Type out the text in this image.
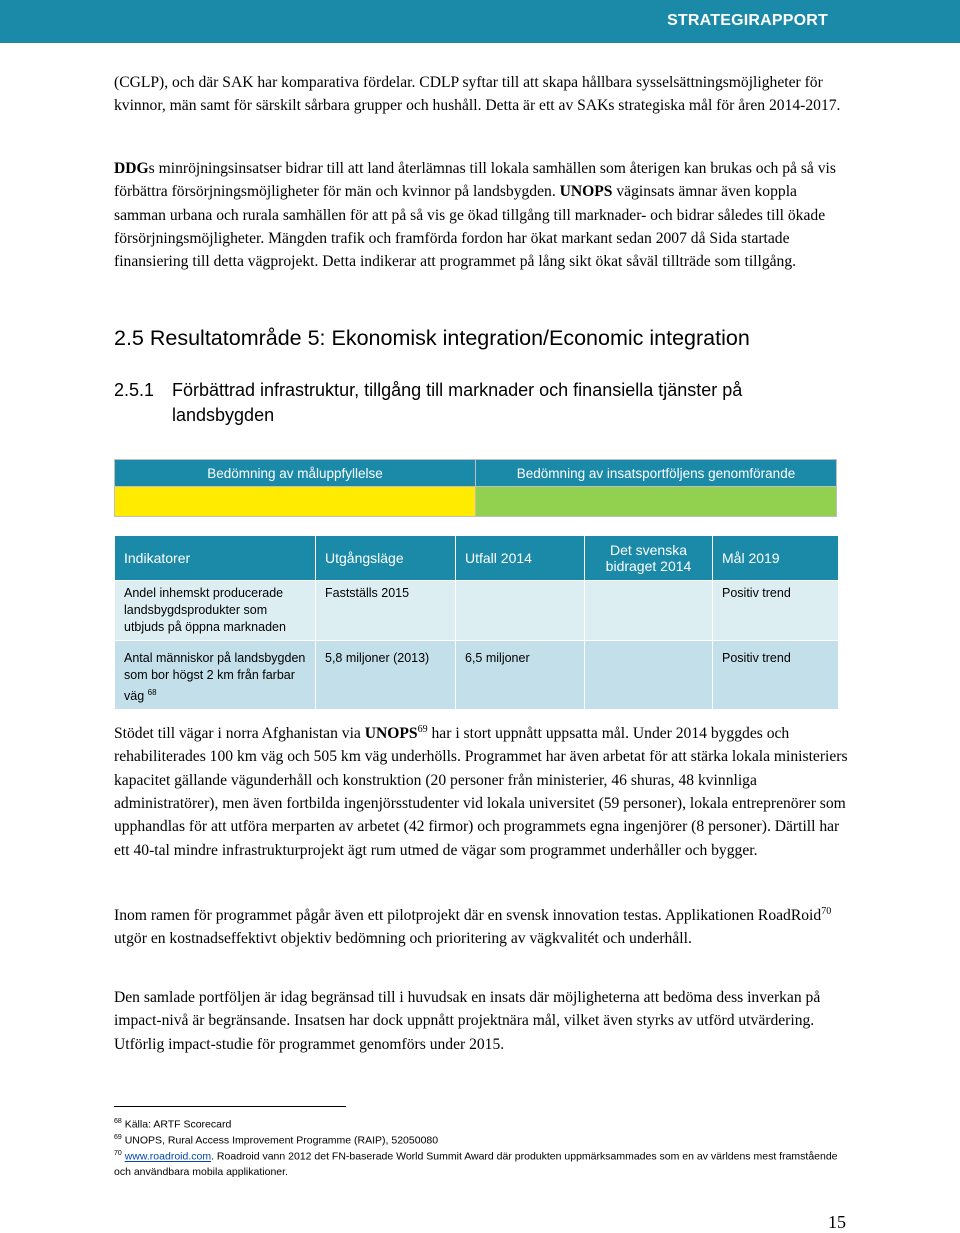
STRATEGIRAPPORT

(CGLP), och där SAK har komparativa fördelar. CDLP syftar till att skapa hållbara sysselsättningsmöjligheter för kvinnor, män samt för särskilt sårbara grupper och hushåll. Detta är ett av SAKs strategiska mål för åren 2014-2017.

DDGs minröjningsinsatser bidrar till att land återlämnas till lokala samhällen som återigen kan brukas och på så vis förbättra försörjningsmöjligheter för män och kvinnor på landsbygden. UNOPS väginsats ämnar även koppla samman urbana och rurala samhällen för att på så vis ge ökad tillgång till marknader- och bidrar således till ökade försörjningsmöjligheter. Mängden trafik och framförda fordon har ökat markant sedan 2007 då Sida startade finansiering till detta vägprojekt. Detta indikerar att programmet på lång sikt ökat såväl tillträde som tillgång.

2.5 Resultatområde 5: Ekonomisk integration/Economic integration
2.5.1 Förbättrad infrastruktur, tillgång till marknader och finansiella tjänster på landsbygden
Bedömning av måluppfyllelse	Bedömning av insatsportföljens genomförande

Indikatorer	Utgångsläge	Utfall 2014	Det svenska bidraget 2014	Mål 2019
Andel inhemskt producerade landsbygdsprodukter som utbjuds på öppna marknaden	Fastställs 2015			Positiv trend
Antal människor på landsbygden som bor högst 2 km från farbar väg $^{68}$	5,8 miljoner (2013)	6,5 miljoner		Positiv trend

Stödet till vägar i norra Afghanistan via UNOPS$^{69}$ har i stort uppnått uppsatta mål. Under 2014 byggdes och rehabiliterades 100 km väg och 505 km väg underhölls. Programmet har även arbetat för att stärka lokala ministeriers kapacitet gällande vägunderhåll och konstruktion (20 personer från ministerier, 46 shuras, 48 kvinnliga administratörer), men även fortbilda ingenjörsstudenter vid lokala universitet (59 personer), lokala entreprenörer som upphandlas för att utföra merparten av arbetet (42 firmor) och programmets egna ingenjörer (8 personer). Därtill har ett 40-tal mindre infrastrukturprojekt ägt rum utmed de vägar som programmet underhåller och bygger.

Inom ramen för programmet pågår även ett pilotprojekt där en svensk innovation testas. Applikationen RoadRoid$^{70}$ utgör en kostnadseffektivt objektiv bedömning och prioritering av vägkvalitét och underhåll.

Den samlade portföljen är idag begränsad till i huvudsak en insats där möjligheterna att bedöma dess inverkan på impact-nivå är begränsande. Insatsen har dock uppnått projektnära mål, vilket även styrks av utförd utvärdering. Utförlig impact-studie för programmet genomförs under 2015.

$^{68}$ Källa: ARTF Scorecard

$^{69}$ UNOPS, Rural Access Improvement Programme (RAIP), 52050080

$^{70}$ www.roadroid.com. Roadroid vann 2012 det FN-baserade World Summit Award där produkten uppmärksammades som en av världens mest framstående och användbara mobila applikationer.

15
